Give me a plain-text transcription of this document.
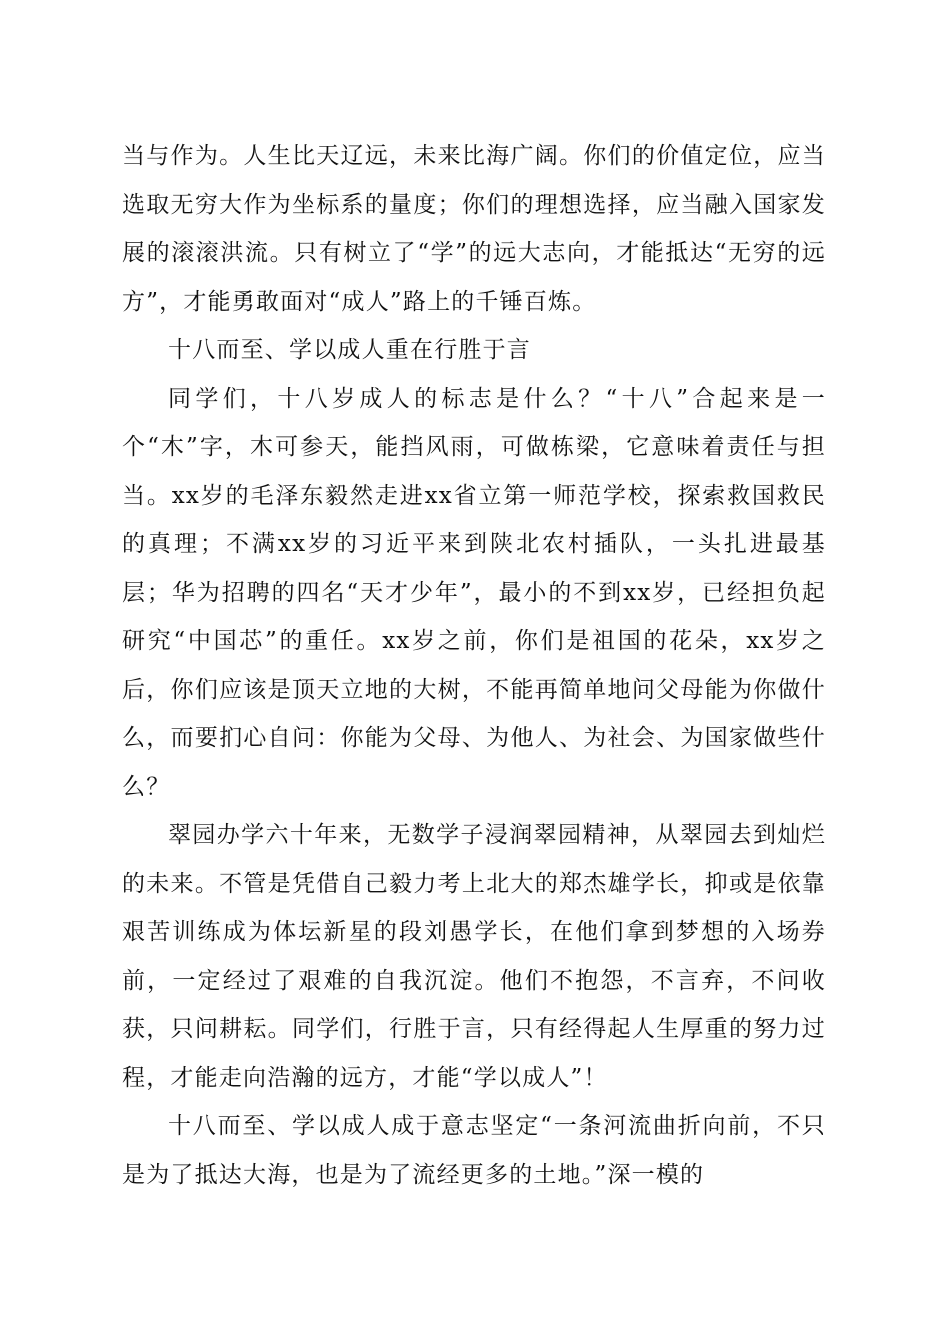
当与作为。人生比天辽远，未来比海广阔。你们的价值定位，应当选取无穷大作为坐标系的量度；你们的理想选择，应当融入国家发展的滚滚洪流。只有树立了“学”的远大志向，才能抵达“无穷的远方”，才能勇敢面对“成人”路上的千锤百炼。

十八而至、学以成人重在行胜于言

同学们，十八岁成人的标志是什么？“十八”合起来是一个“木”字，木可参天，能挡风雨，可做栋梁，它意味着责任与担当。xx岁的毛泽东毅然走进xx省立第一师范学校，探索救国救民的真理；不满xx岁的习近平来到陕北农村插队，一头扎进最基层；华为招聘的四名“天才少年”，最小的不到xx岁，已经担负起研究“中国芯”的重任。xx岁之前，你们是祖国的花朵，xx岁之后，你们应该是顶天立地的大树，不能再简单地问父母能为你做什么，而要扪心自问：你能为父母、为他人、为社会、为国家做些什么？

翠园办学六十年来，无数学子浸润翠园精神，从翠园去到灿烂的未来。不管是凭借自己毅力考上北大的郑杰雄学长，抑或是依靠艰苦训练成为体坛新星的段刘愚学长，在他们拿到梦想的入场券前，一定经过了艰难的自我沉淀。他们不抱怨，不言弃，不问收获，只问耕耘。同学们，行胜于言，只有经得起人生厚重的努力过程，才能走向浩瀚的远方，才能“学以成人”！

十八而至、学以成人成于意志坚定“一条河流曲折向前，不只是为了抵达大海，也是为了流经更多的土地。”深一模的
